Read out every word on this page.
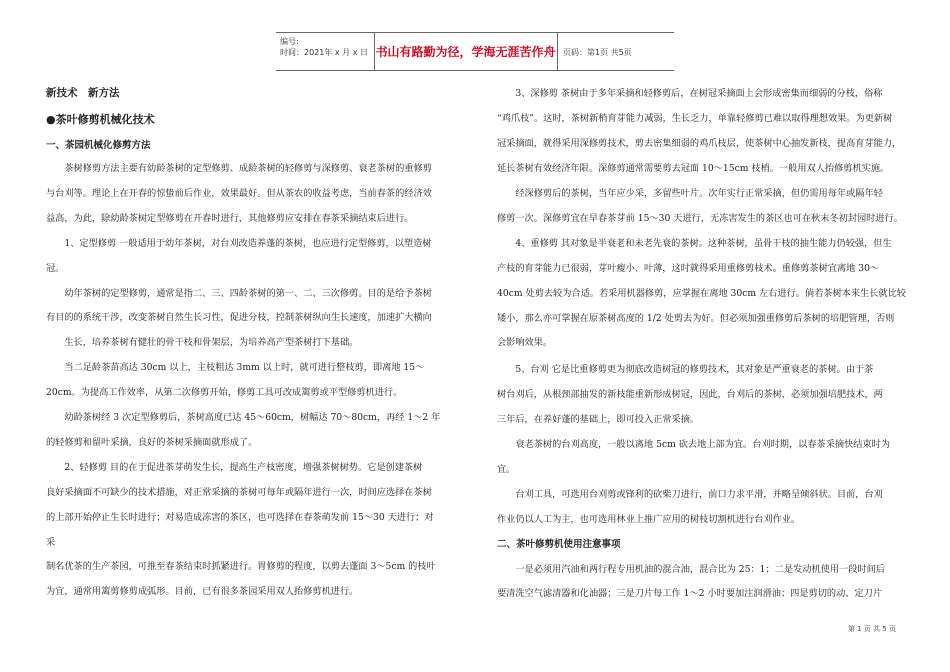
编号:
时间：2021年 x 月 x 日 书山有路勤为径，学海无涯苦作舟 页码：第1页 共5页
新技术　新方法
●茶叶修剪机械化技术
一、茶园机械化修剪方法
　　茶树修剪方法主要有幼龄茶树的定型修剪、成龄茶树的轻修剪与深修剪、衰老茶树的重修剪
与台刈等。理论上在开春的惊蛰前后作业，效果最好。但从茶农的收益考虑，当前春茶的经济效
益高，为此，除幼龄茶树定型修剪在开春时进行，其他修剪应安排在春茶采摘结束后进行。
　　1、定型修剪 一般适用于幼年茶树，对台刈改造养蓬的茶树，也应进行定型修剪，以塑造树
冠。
　　幼年茶树的定型修剪，通常是指二、三、四龄茶树的第一、二、三次修剪。目的是给予茶树
有目的的系统干涉，改变茶树自然生长习性，促进分枝，控制茶树纵向生长速度，加速扩大横向
　　生长，培养茶树有健壮的骨干枝和骨架层，为培养高产型茶树打下基础。
　　当二足龄茶苗高达 30cm 以上，主枝粗达 3mm 以上时，就可进行整枝剪，即离地 15～
20cm。为提高工作效率，从第二次修剪开始，修剪工具可改成篱剪或平型修剪机进行。
　　幼龄茶树经 3 次定型修剪后，茶树高度已达 45～60cm，树幅达 70～80cm，再经 1～2 年
的轻修剪和留叶采摘，良好的茶树采摘面就形成了。
　　2、轻修剪 目的在于促进茶芽萌发生长，提高生产枝密度，增强茶树树势。它是创建茶树
良好采摘面不可缺少的技术措施，对正常采摘的茶树可每年或隔年进行一次，时间应选择在茶树
的上部开始停止生长时进行；对易造成冻害的茶区，也可选择在春茶萌发前 15～30 天进行；对
采
制名优茶的生产茶园，可推至春茶结束时抓紧进行。胃修剪的程度，以剪去蓬面 3～5cm 的枝叶
为宜，通常用篱剪修剪成弧形。目前，已有很多茶园采用双人抬修剪机进行。
　　3、深修剪 茶树由于多年采摘和轻修剪后，在树冠采摘面上会形成密集而细弱的分枝，俗称
“鸡爪枝”。这时，茶树新梢育芽能力减弱，生长乏力，单靠轻修剪已难以取得理想效果。为更新树
冠采摘面，就得采用深修剪技术，剪去密集细弱的鸡爪枝层，使茶树中心抽发新枝，提高育芽能力，
延长茶树有效经济年限。深修剪通常需要剪去冠面 10～15cm 枝梢。一般用双人抬修剪机实施。
　　经深修剪后的茶树，当年应少采，多留些叶片。次年实行正常采摘，但仍需用每年或隔年轻
修剪一次。深修剪宜在早春茶芽前 15～30 天进行，无冻害发生的茶区也可在秋末冬初封园时进行。
　　4、重修剪 其对象是半衰老和未老先衰的茶树。这种茶树，虽骨干枝的抽生能力仍较强，但生
产枝的育芽能力已很弱，芽叶瘦小、叶薄，这时就得采用重修剪枝术。重修剪茶树宜离地 30～
40cm 处剪去较为合适。若采用机器修剪，应掌握在离地 30cm 左右进行。倘若茶树本来生长就比较
矮小，那么亦可掌握在原茶树高度的 1/2 处剪去为好。但必须加强重修剪后茶树的培肥管理，否则
会影响效果。
　　5、台刈 它是比重修剪更为彻底改造树冠的修剪技术，其对象是严重衰老的茶树。由于茶
树台刈后，从根颈部抽发的新枝能重新形成树冠，因此，台刈后的茶树，必须加强培肥技术，两
三年后，在养好蓬的基础上，即可投入正常采摘。
　　衰老茶树的台刈高度，一般以离地 5cm 砍去地上部为宜。台刈时期，以春茶采摘快结束时为
宜。
　　台刈工具，可选用台刈剪或锋利的砍柴刀进行，前口力求平滑，并略呈倾斜状。目前，台刈
作业仍以人工为主，也可选用林业上推广应用的树枝切割机进行台刈作业。
二、茶叶修剪机使用注意事项
　　一是必须用汽油和两行程专用机油的混合油，混合比为 25：1；二是发动机使用一段时间后
要清洗空气滤清器和化油器；三是刀片每工作 1～2 小时要加注润滑油；四是剪切的动、定刀片
第 1 页 共 5 页
